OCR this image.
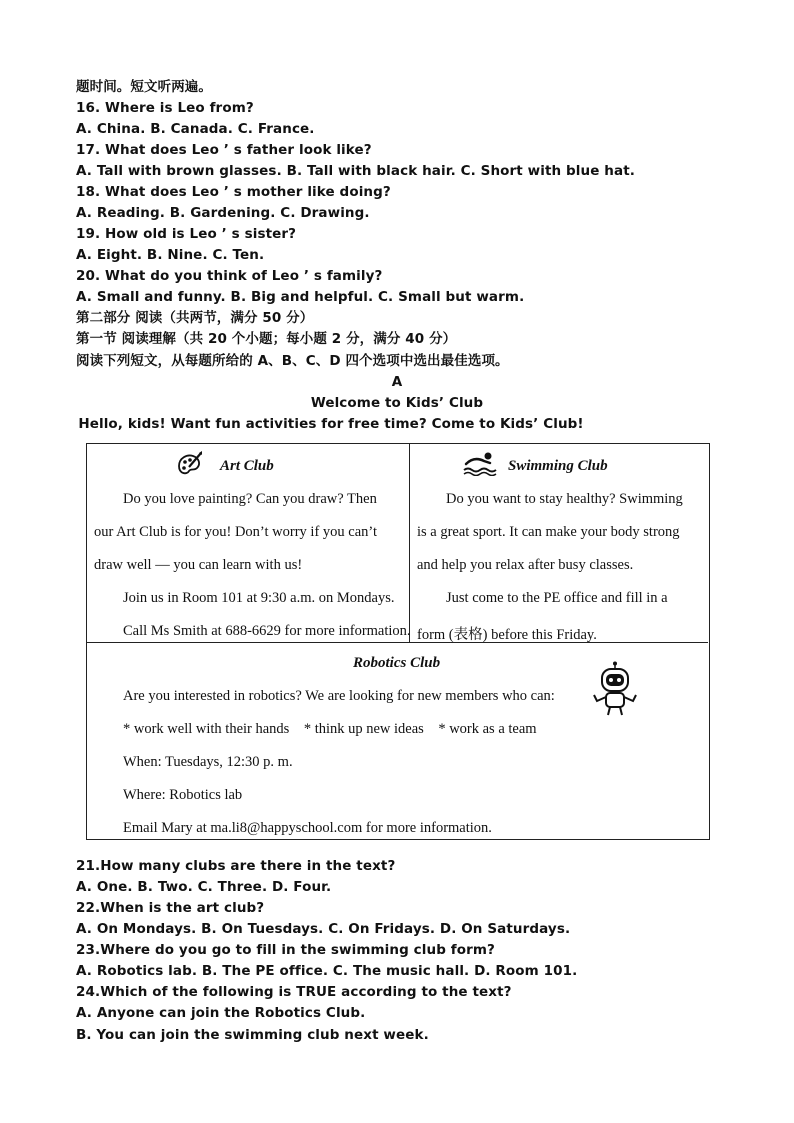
题时间。短文听两遍。
16. Where is Leo from?
A. China. B. Canada. C. France.
17. What does Leo ’ s father look like?
A. Tall with brown glasses. B. Tall with black hair. C. Short with blue hat.
18. What does Leo ’ s mother like doing?
A. Reading. B. Gardening. C. Drawing.
19. How old is Leo ’ s sister?
A. Eight. B. Nine. C. Ten.
20. What do you think of Leo ’ s family?
A. Small and funny. B. Big and helpful. C. Small but warm.
第二部分 阅读（共两节，满分 50 分）
第一节 阅读理解（共 20 个小题；每小题 2 分，满分 40 分）
阅读下列短文，从每题所给的 A、B、C、D 四个选项中选出最佳选项。
A
Welcome to Kids’ Club
Hello, kids! Want fun activities for free time? Come to Kids’ Club!
Art Club
Do you love painting? Can you draw? Then
our Art Club is for you! Don’t worry if you can’t
draw well — you can learn with us!
Join us in Room 101 at 9:30 a.m. on Mondays.
Call Ms Smith at 688-6629 for more information.
Swimming Club
Do you want to stay healthy? Swimming
is a great sport. It can make your body strong
and help you relax after busy classes.
Just come to the PE office and fill in a
form (表格) before this Friday.
Robotics Club
Are you interested in robotics? We are looking for new members who can:
* work well with their hands    * think up new ideas    * work as a team
When: Tuesdays, 12:30 p. m.
Where: Robotics lab
Email Mary at ma.li8@happyschool.com for more information.
21.How many clubs are there in the text?
A. One. B. Two. C. Three. D. Four.
22.When is the art club?
A. On Mondays. B. On Tuesdays. C. On Fridays. D. On Saturdays.
23.Where do you go to fill in the swimming club form?
A. Robotics lab. B. The PE office. C. The music hall. D. Room 101.
24.Which of the following is TRUE according to the text?
A. Anyone can join the Robotics Club.
B. You can join the swimming club next week.
